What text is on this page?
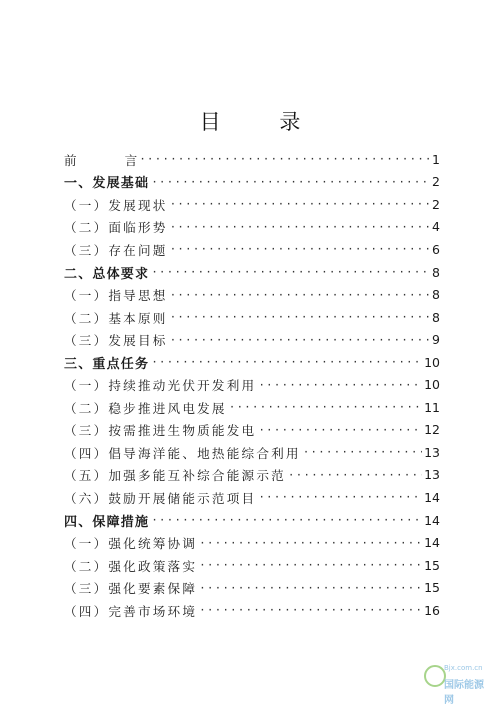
目 录
前	言 ·····	1
一、发展基础 ·····	2
（一）发展现状 ·····	2
（二）面临形势 ·····	4
（三）存在问题 ·····	6
二、总体要求 ·····	8
（一）指导思想 ·····	8
（二）基本原则 ·····	8
（三）发展目标 ·····	9
三、重点任务 ·····	10
（一）持续推动光伏开发利用 ·····	10
（二）稳步推进风电发展 ·····	11
（三）按需推进生物质能发电 ·····	12
（四）倡导海洋能、地热能综合利用 ·····	13
（五）加强多能互补综合能源示范 ·····	13
（六）鼓励开展储能示范项目 ·····	14
四、保障措施 ·····	14
（一）强化统筹协调 ·····	14
（二）强化政策落实 ·····	15
（三）强化要素保障 ·····	15
（四）完善市场环境 ·····	16
Bjx.com.cn
国际能源网
